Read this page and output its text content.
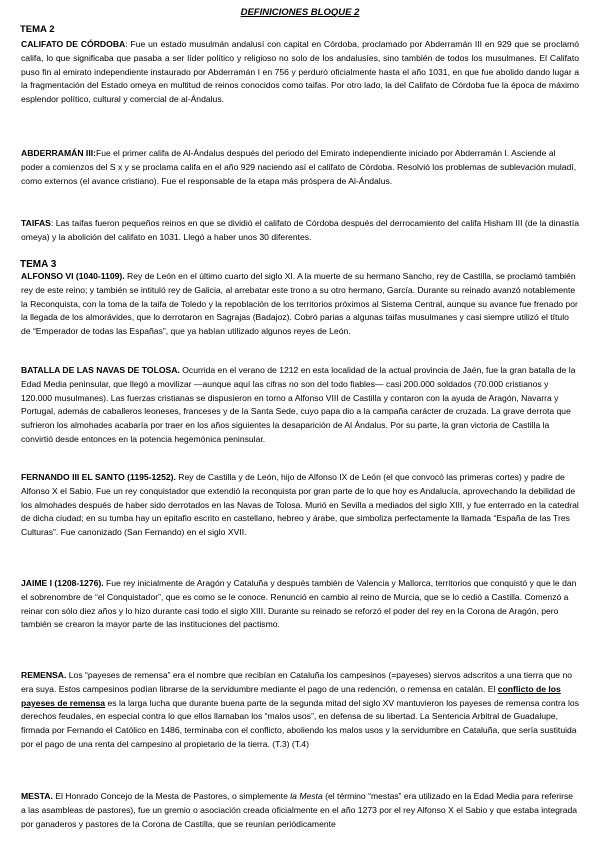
DEFINICIONES BLOQUE 2
TEMA 2
CALIFATO DE CÓRDOBA: Fue un estado musulmán andalusí con capital en Córdoba, proclamado por Abderramán III en 929 que se proclamó califa, lo que significaba que pasaba a ser líder político y religioso no solo de los andalusíes, sino también de todos los musulmanes. El Califato puso fin al emirato independiente instaurado por Abderramán I en 756 y perduró oficialmente hasta el año 1031, en que fue abolido dando lugar a la fragmentación del Estado omeya en multitud de reinos conocidos como taifas. Por otro lado, la del Califato de Córdoba fue la época de máximo esplendor político, cultural y comercial de al-Ándalus.
ABDERRAMÁN III:Fue el primer califa de Al-Ándalus después del periodo del Emirato independiente iniciado por Abderramán I. Asciende al poder a comienzos del S x y se proclama califa en el año 929 naciendo así el califato de Córdoba. Resolvió los problemas de sublevación muladí, como externos (el avance cristiano). Fue el responsable de la etapa más próspera de Al-Ándalus.
TAIFAS: Las taifas fueron pequeños reinos en que se dividió el califato de Córdoba después del derrocamiento del califa Hisham III (de la dinastía omeya) y la abolición del califato en 1031. Llegó a haber unos 30 diferentes.
TEMA 3
ALFONSO VI (1040-1109). Rey de León en el último cuarto del siglo XI. A la muerte de su hermano Sancho, rey de Castilla, se proclamó también rey de este reino; y también se intituló rey de Galicia, al arrebatar este trono a su otro hermano, García. Durante su reinado avanzó notablemente la Reconquista, con la toma de la taifa de Toledo y la repoblación de los territorios próximos al Sistema Central, aunque su avance fue frenado por la llegada de los almorávides, que lo derrotaron en Sagrajas (Badajoz). Cobró parias a algunas taifas musulmanes y casi siempre utilizó el título de “Emperador de todas las Españas”, que ya habían utilizado algunos reyes de León.
BATALLA DE LAS NAVAS DE TOLOSA. Ocurrida en el verano de 1212 en esta localidad de la actual provincia de Jaén, fue la gran batalla de la Edad Media peninsular, que llegó a movilizar —aunque aquí las cifras no son del todo fiables— casi 200.000 soldados (70.000 cristianos y 120.000 musulmanes). Las fuerzas cristianas se dispusieron en torno a Alfonso VIII de Castilla y contaron con la ayuda de Aragón, Navarra y Portugal, además de caballeros leoneses, franceses y de la Santa Sede, cuyo papa dio a la campaña carácter de cruzada. La grave derrota que sufrieron los almohades acabaría por traer en los años siguientes la desaparición de Al Ándalus. Por su parte, la gran victoria de Castilla la convirtió desde entonces en la potencia hegemónica peninsular.
FERNANDO III EL SANTO (1195-1252). Rey de Castilla y de León, hijo de Alfonso IX de León (el que convocó las primeras cortes) y padre de Alfonso X el Sabio. Fue un rey conquistador que extendió la reconquista por gran parte de lo que hoy es Andalucía, aprovechando la debilidad de los almohades después de haber sido derrotados en las Navas de Tolosa. Murió en Sevilla a mediados del siglo XIII, y fue enterrado en la catedral de dicha ciudad; en su tumba hay un epitafio escrito en castellano, hebreo y árabe, que simboliza perfectamente la llamada “España de las Tres Culturas”. Fue canonizado (San Fernando) en el siglo XVII.
JAIME I (1208-1276). Fue rey inicialmente de Aragón y Cataluña y después también de Valencia y Mallorca, territorios que conquistó y que le dan el sobrenombre de “el Conquistador”, que es como se le conoce. Renunció en cambio al reino de Murcia, que se lo cedió a Castilla. Comenzó a reinar con sólo diez años y lo hizo durante casi todo el siglo XIII. Durante su reinado se reforzó el poder del rey en la Corona de Aragón, pero también se crearon la mayor parte de las instituciones del pactismo.
REMENSA. Los “payeses de remensa” era el nombre que recibían en Cataluña los campesinos (=payeses) siervos adscritos a una tierra que no era suya. Estos campesinos podían librarse de la servidumbre mediante el pago de una redención, o remensa en catalán. El conflicto de los payeses de remensa es la larga lucha que durante buena parte de la segunda mitad del siglo XV mantuvieron los payeses de remensa contra los derechos feudales, en especial contra lo que ellos llamaban los “malos usos”, en defensa de su libertad. La Sentencia Arbitral de Guadalupe, firmada por Fernando el Católico en 1486, terminaba con el conflicto, aboliendo los malos usos y la servidumbre en Cataluña, que sería sustituida por el pago de una renta del campesino al propietario de la tierra. (T.3) (T.4)
MESTA. El Honrado Concejo de la Mesta de Pastores, o simplemente la Mesta (el término “mestas” era utilizado en la Edad Media para referirse a las asambleas de pastores), fue un gremio o asociación creada oficialmente en el año 1273 por el rey Alfonso X el Sabio y que estaba integrada por ganaderos y pastores de la Corona de Castilla, que se reunían periódicamente
